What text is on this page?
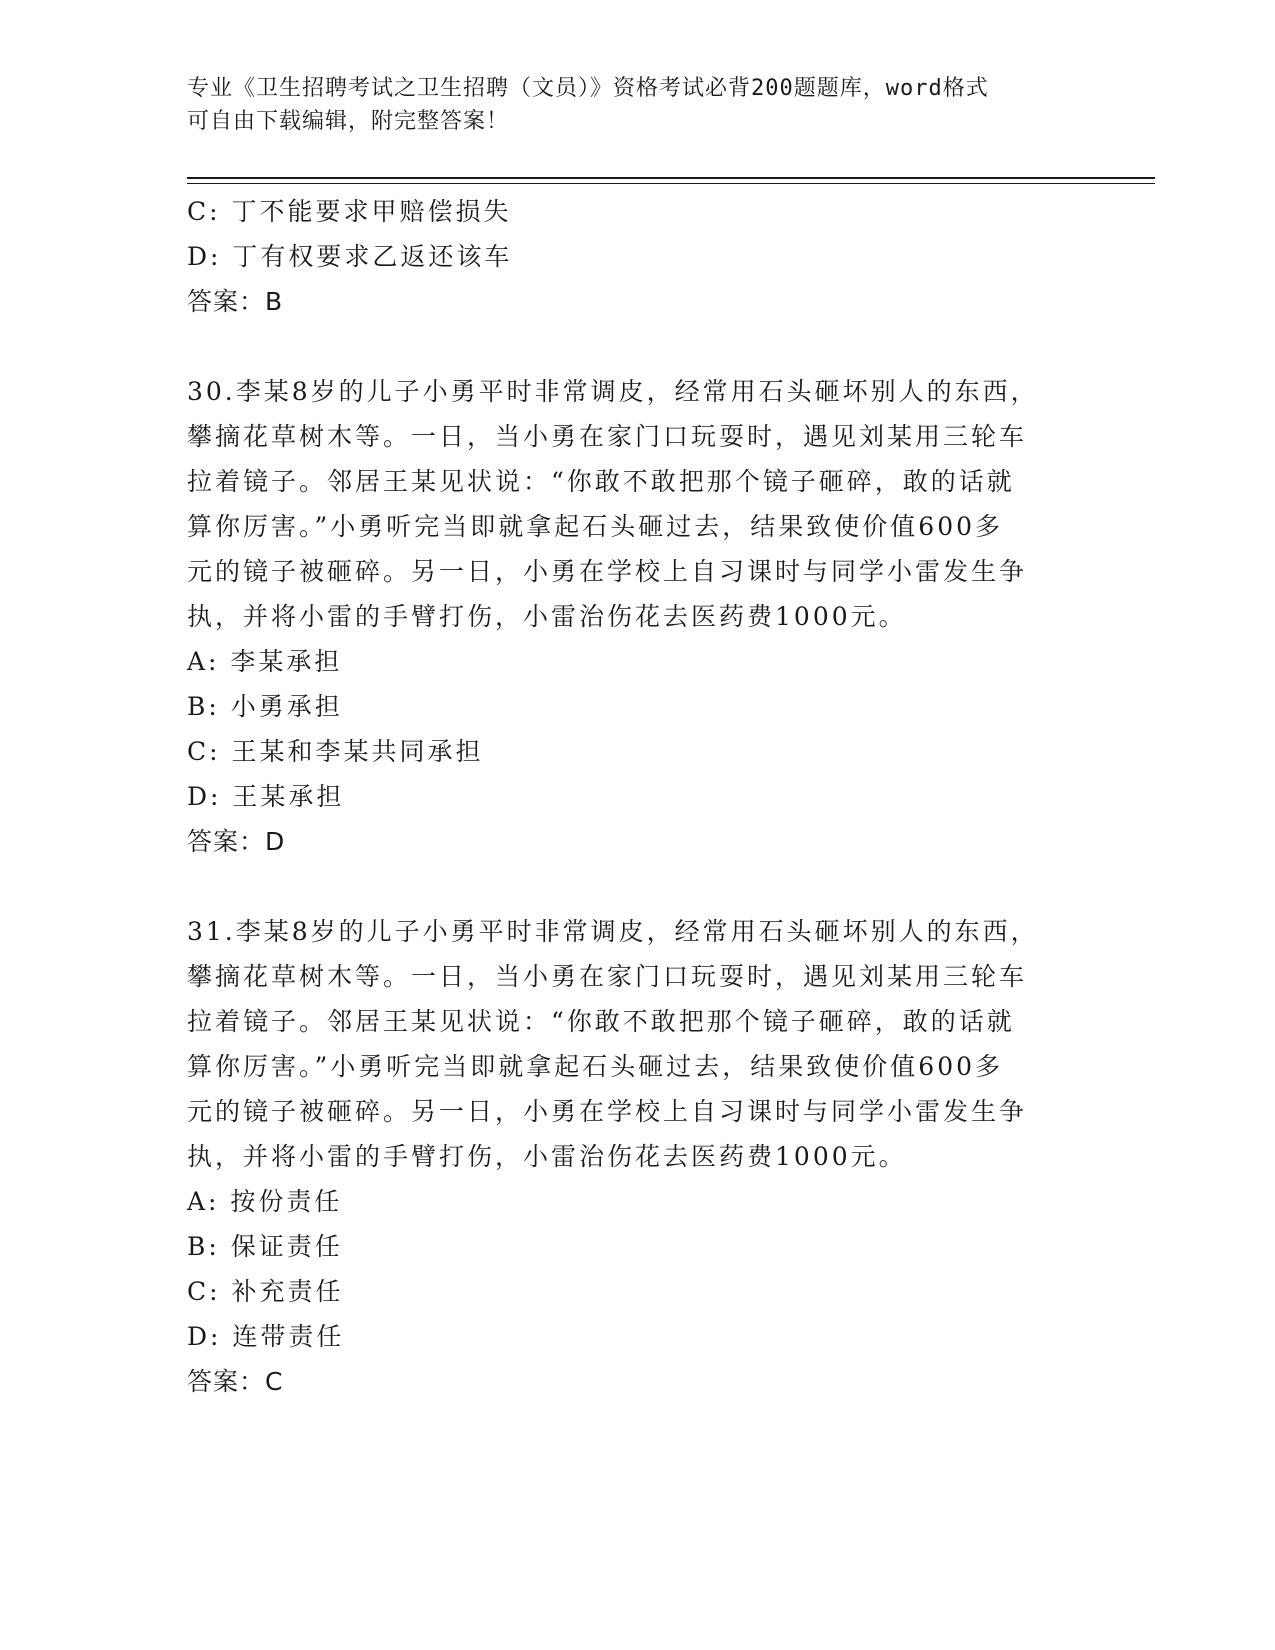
专业《卫生招聘考试之卫生招聘（文员）》资格考试必背200题题库，word格式
可自由下载编辑，附完整答案！
C: 丁不能要求甲赔偿损失
D: 丁有权要求乙返还该车
答案：B
30.李某8岁的儿子小勇平时非常调皮，经常用石头砸坏别人的东西，
攀摘花草树木等。一日，当小勇在家门口玩耍时，遇见刘某用三轮车
拉着镜子。邻居王某见状说：“你敢不敢把那个镜子砸碎，敢的话就
算你厉害。”小勇听完当即就拿起石头砸过去，结果致使价值600多
元的镜子被砸碎。另一日，小勇在学校上自习课时与同学小雷发生争
执，并将小雷的手臂打伤，小雷治伤花去医药费1000元。
A: 李某承担
B: 小勇承担
C: 王某和李某共同承担
D: 王某承担
答案：D
31.李某8岁的儿子小勇平时非常调皮，经常用石头砸坏别人的东西，
攀摘花草树木等。一日，当小勇在家门口玩耍时，遇见刘某用三轮车
拉着镜子。邻居王某见状说：“你敢不敢把那个镜子砸碎，敢的话就
算你厉害。”小勇听完当即就拿起石头砸过去，结果致使价值600多
元的镜子被砸碎。另一日，小勇在学校上自习课时与同学小雷发生争
执，并将小雷的手臂打伤，小雷治伤花去医药费1000元。
A: 按份责任
B: 保证责任
C: 补充责任
D: 连带责任
答案：C
